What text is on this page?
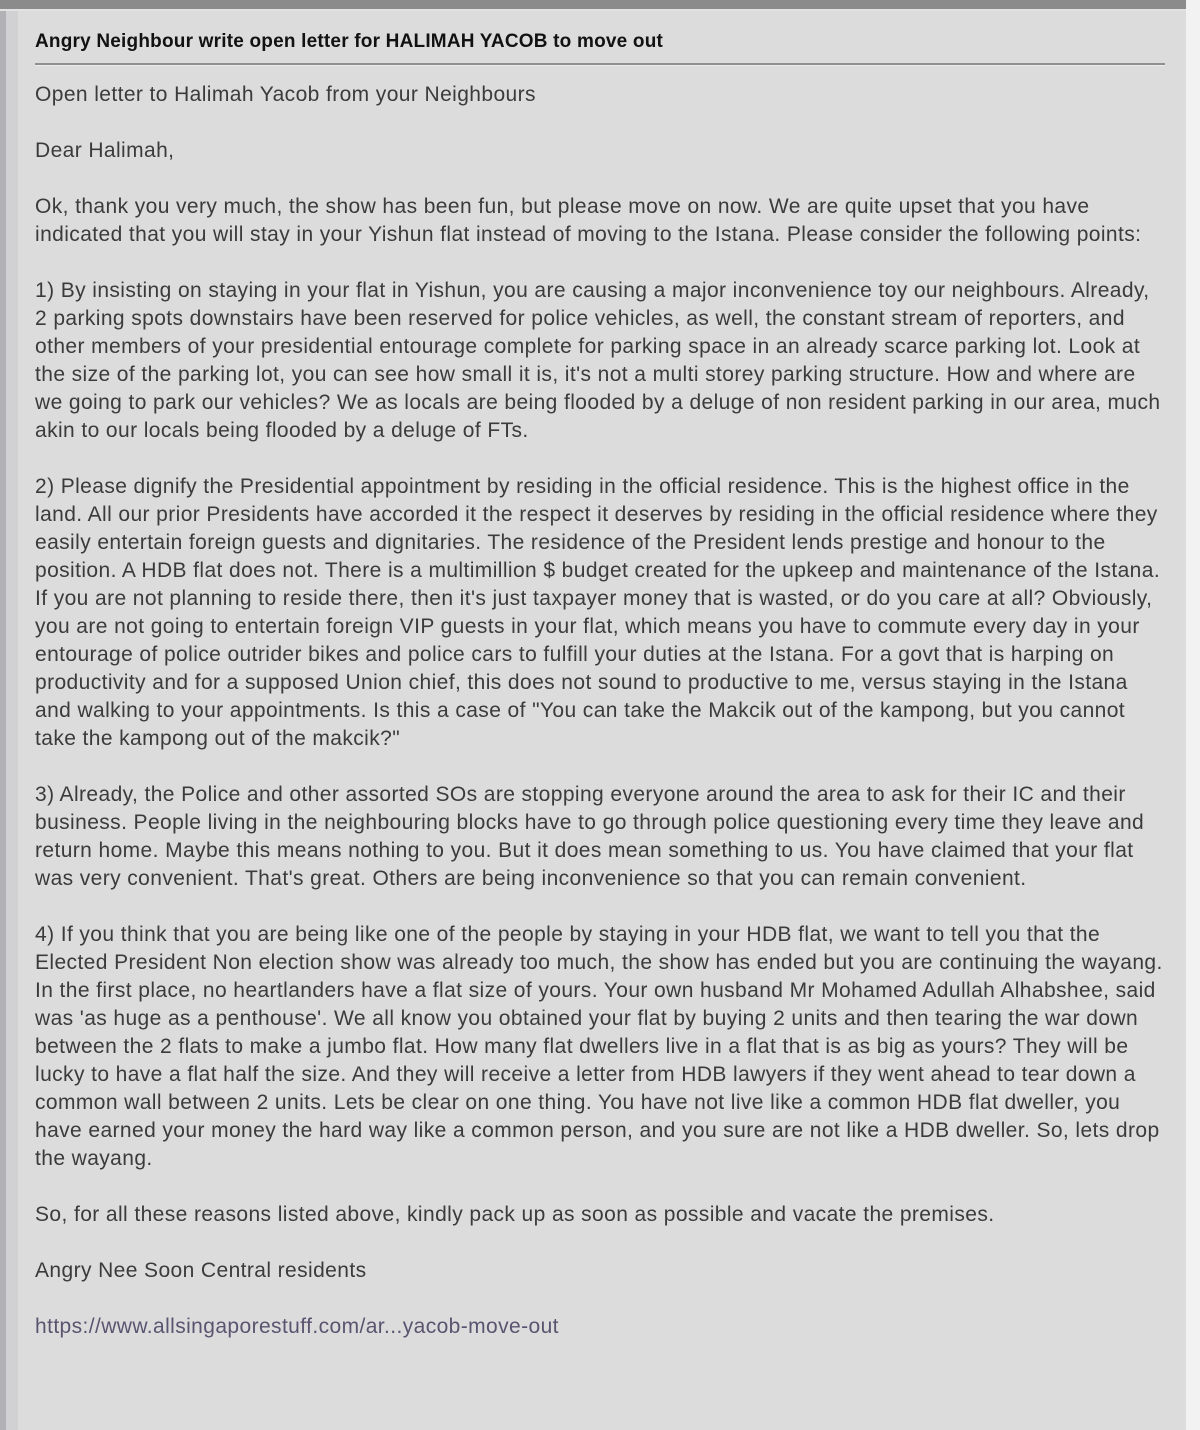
Angry Neighbour write open letter for HALIMAH YACOB to move out

Open letter to Halimah Yacob from your Neighbours

Dear Halimah,

Ok, thank you very much, the show has been fun, but please move on now. We are quite upset that you have indicated that you will stay in your Yishun flat instead of moving to the Istana. Please consider the following points:

1) By insisting on staying in your flat in Yishun, you are causing a major inconvenience toy our neighbours. Already, 2 parking spots downstairs have been reserved for police vehicles, as well, the constant stream of reporters, and other members of your presidential entourage complete for parking space in an already scarce parking lot. Look at the size of the parking lot, you can see how small it is, it's not a multi storey parking structure. How and where are we going to park our vehicles? We as locals are being flooded by a deluge of non resident parking in our area, much akin to our locals being flooded by a deluge of FTs.

2) Please dignify the Presidential appointment by residing in the official residence. This is the highest office in the land. All our prior Presidents have accorded it the respect it deserves by residing in the official residence where they easily entertain foreign guests and dignitaries. The residence of the President lends prestige and honour to the position. A HDB flat does not. There is a multimillion $ budget created for the upkeep and maintenance of the Istana. If you are not planning to reside there, then it's just taxpayer money that is wasted, or do you care at all? Obviously, you are not going to entertain foreign VIP guests in your flat, which means you have to commute every day in your entourage of police outrider bikes and police cars to fulfill your duties at the Istana. For a govt that is harping on productivity and for a supposed Union chief, this does not sound to productive to me, versus staying in the Istana and walking to your appointments. Is this a case of "You can take the Makcik out of the kampong, but you cannot take the kampong out of the makcik?"

3) Already, the Police and other assorted SOs are stopping everyone around the area to ask for their IC and their business. People living in the neighbouring blocks have to go through police questioning every time they leave and return home. Maybe this means nothing to you. But it does mean something to us. You have claimed that your flat was very convenient. That's great. Others are being inconvenience so that you can remain convenient.

4) If you think that you are being like one of the people by staying in your HDB flat, we want to tell you that the Elected President Non election show was already too much, the show has ended but you are continuing the wayang. In the first place, no heartlanders have a flat size of yours. Your own husband Mr Mohamed Adullah Alhabshee, said was 'as huge as a penthouse'. We all know you obtained your flat by buying 2 units and then tearing the war down between the 2 flats to make a jumbo flat. How many flat dwellers live in a flat that is as big as yours? They will be lucky to have a flat half the size. And they will receive a letter from HDB lawyers if they went ahead to tear down a common wall between 2 units. Lets be clear on one thing. You have not live like a common HDB flat dweller, you have earned your money the hard way like a common person, and you sure are not like a HDB dweller. So, lets drop the wayang.

So, for all these reasons listed above, kindly pack up as soon as possible and vacate the premises.

Angry Nee Soon Central residents

https://www.allsingaporestuff.com/ar...yacob-move-out
